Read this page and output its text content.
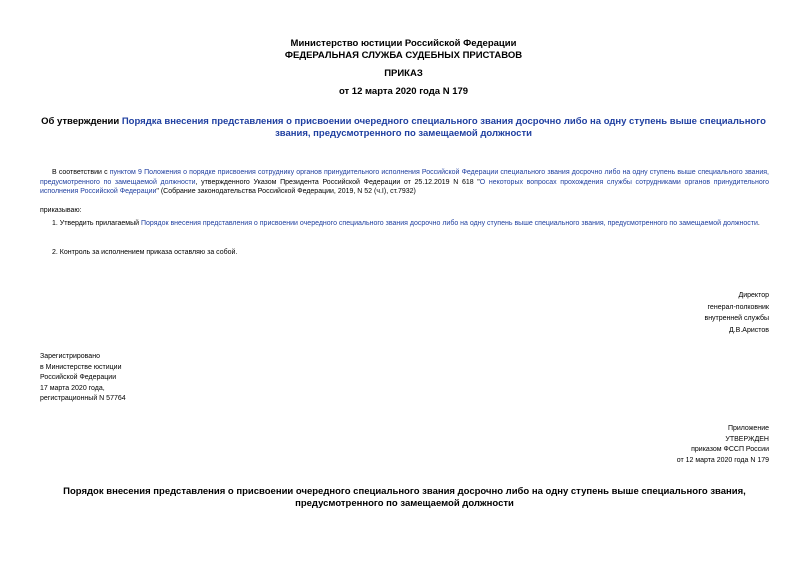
Министерство юстиции Российской Федерации
ФЕДЕРАЛЬНАЯ СЛУЖБА СУДЕБНЫХ ПРИСТАВОВ
ПРИКАЗ
от 12 марта 2020 года N 179
Об утверждении Порядка внесения представления о присвоении очередного специального звания досрочно либо на одну ступень выше специального звания, предусмотренного по замещаемой должности
В соответствии с пунктом 9 Положения о порядке присвоения сотруднику органов принудительного исполнения Российской Федерации специального звания досрочно либо на одну ступень выше специального звания, предусмотренного по замещаемой должности, утвержденного Указом Президента Российской Федерации от 25.12.2019 N 618 "О некоторых вопросах прохождения службы сотрудниками органов принудительного исполнения Российской Федерации" (Собрание законодательства Российской Федерации, 2019, N 52 (ч.I), ст.7932)
приказываю:
1. Утвердить прилагаемый Порядок внесения представления о присвоении очередного специального звания досрочно либо на одну ступень выше специального звания, предусмотренного по замещаемой должности.
2. Контроль за исполнением приказа оставляю за собой.
Директор
генерал-полковник
внутренней службы
Д.В.Аристов
Зарегистрировано
в Министерстве юстиции
Российской Федерации
17 марта 2020 года,
регистрационный N 57764
Приложение
УТВЕРЖДЕН
приказом ФССП России
от 12 марта 2020 года N 179
Порядок внесения представления о присвоении очередного специального звания досрочно либо на одну ступень выше специального звания, предусмотренного по замещаемой должности
